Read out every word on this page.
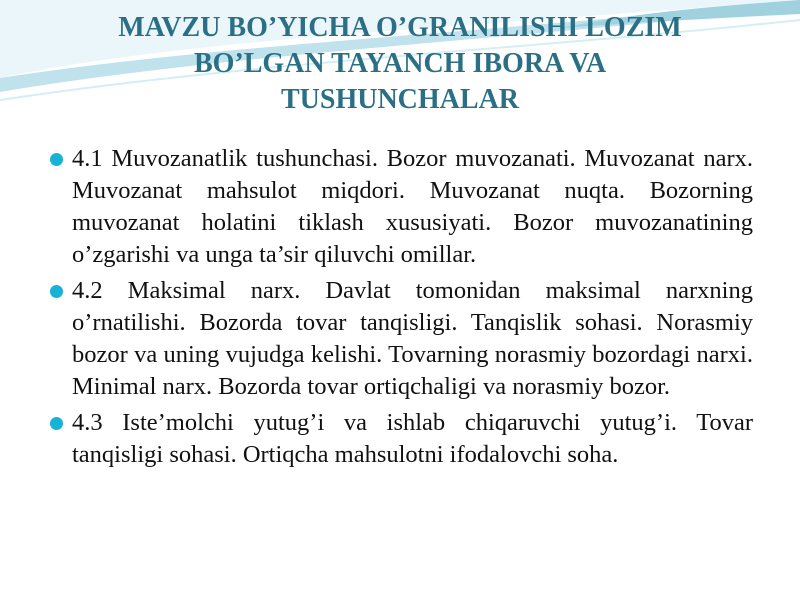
MAVZU BO’YICHA O’GRANILISHI LOZIM
BO’LGAN TAYANCH IBORA VA
TUSHUNCHALAR
4.1 Muvozanatlik tushunchasi. Bozor muvozanati. Muvozanat narx. Muvozanat mahsulot miqdori. Muvozanat nuqta. Bozorning muvozanat holatini tiklash xususiyati. Bozor muvozanatining o’zgarishi va unga ta’sir qiluvchi omillar.
4.2 Maksimal narx. Davlat tomonidan maksimal narxning o’rnatilishi. Bozorda tovar tanqisligi. Tanqislik sohasi. Norasmiy bozor va uning vujudga kelishi. Tovarning norasmiy bozordagi narxi. Minimal narx. Bozorda tovar ortiqchaligi va norasmiy bozor.
4.3 Iste’molchi yutug’i va ishlab chiqaruvchi yutug’i. Tovar tanqisligi sohasi. Ortiqcha mahsulotni ifodalovchi soha.
